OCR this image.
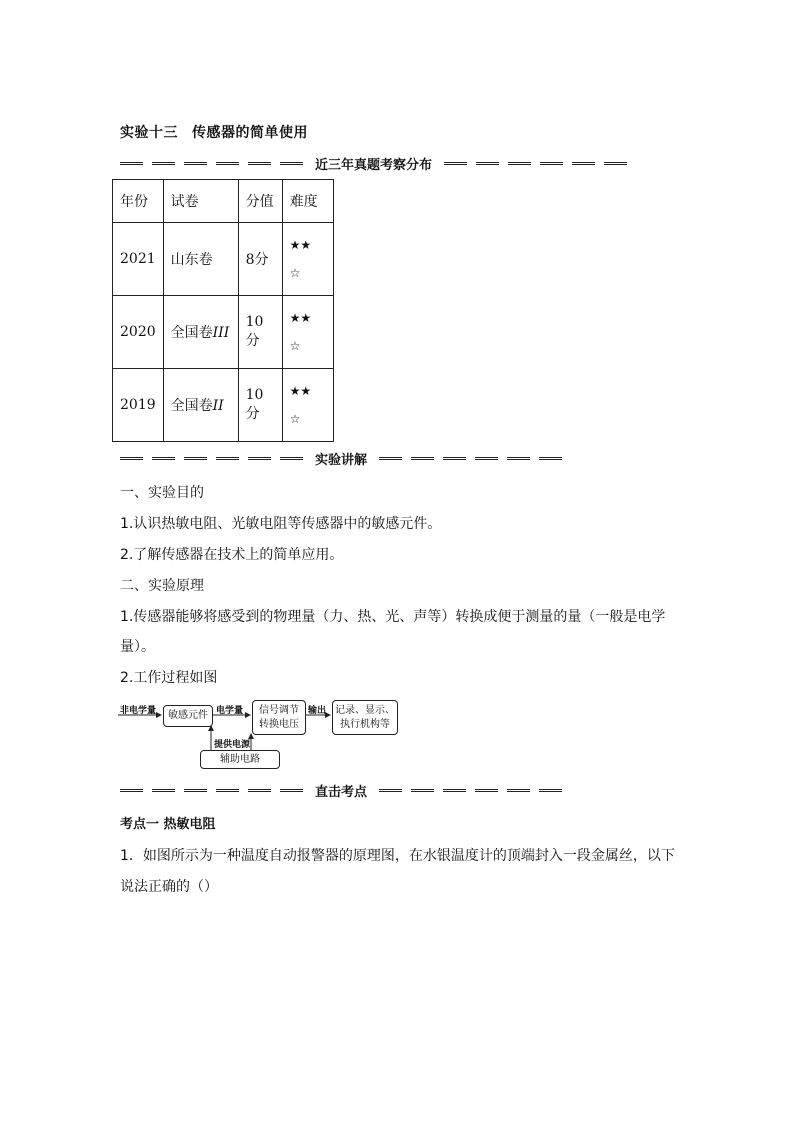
实验十三 传感器的简单使用
近三年真题考察分布
年份	试卷	分值	难度
2021	山东卷	8分	★★
☆
2020	全国卷III	10分	★★
☆
2019	全国卷II	10分	★★
☆
实验讲解
一、实验目的
1.认识热敏电阻、光敏电阻等传感器中的敏感元件。
2.了解传感器在技术上的简单应用。
二、实验原理
1.传感器能够将感受到的物理量（力、热、光、声等）转换成便于测量的量（一般是电学
量）。
2.工作过程如图
非电学量	敏感元件 电学量 信号调节
转换电压
输出 记录、显示、
执行机构等
提供电源
辅助电路
直击考点
考点一 热敏电阻
1．如图所示为一种温度自动报警器的原理图，在水银温度计的顶端封入一段金属丝，以下
说法正确的（）
